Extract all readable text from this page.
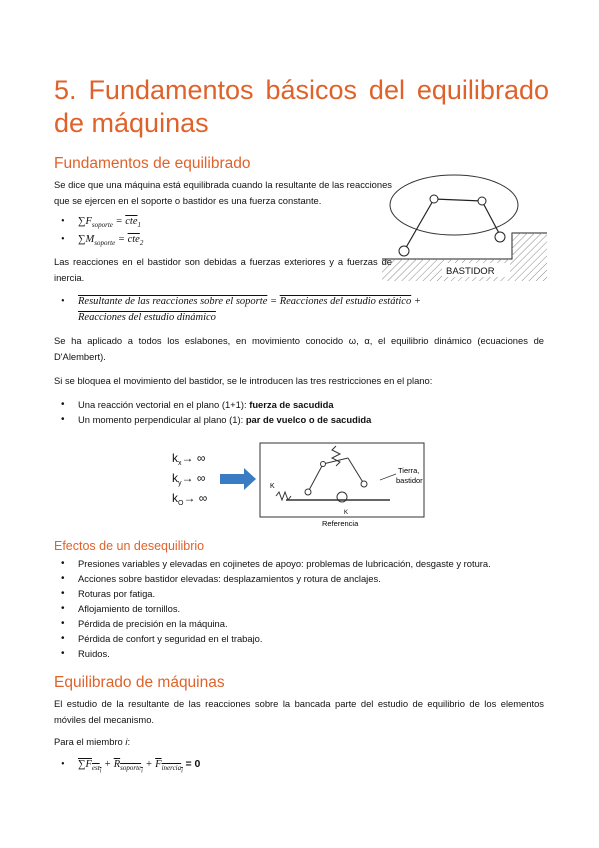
5. Fundamentos básicos del equilibrado de máquinas
Fundamentos de equilibrado
Se dice que una máquina está equilibrada cuando la resultante de las reacciones que se ejercen en el soporte o bastidor es una fuerza constante.
• $\sum F_{soporte} = \overline{cte}_1$
• $\sum M_{soporte} = \overline{cte}_2$
BASTIDOR
Las reacciones en el bastidor son debidas a fuerzas exteriores y a fuerzas de inercia.
• Resultante de las reacciones sobre el soporte = Reacciones del estudio estático +
Reacciones del estudio dinámico
Se ha aplicado a todos los eslabones, en movimiento conocido ω, α, el equilibrio dinámico (ecuaciones de D'Alembert).
Si se bloquea el movimiento del bastidor, se le introducen las tres restricciones en el plano:
• Una reacción vectorial en el plano (1+1): fuerza de sacudida
• Un momento perpendicular al plano (1): par de vuelco o de sacudida
$k_x\to$ ∞
$k_y\to$ ∞
$k_O\to$ ∞
K
K
Tierra,
bastidor
Referencia
Efectos de un desequilibrio
• Presiones variables y elevadas en cojinetes de apoyo: problemas de lubricación, desgaste y rotura.
• Acciones sobre bastidor elevadas: desplazamientos y rotura de anclajes.
• Roturas por fatiga.
• Aflojamiento de tornillos.
• Pérdida de precisión en la máquina.
• Pérdida de confort y seguridad en el trabajo.
• Ruidos.
Equilibrado de máquinas
El estudio de la resultante de las reacciones sobre la bancada parte del estudio de equilibrio de los elementos móviles del mecanismo.
Para el miembro i:
• $\sum F_{est_i} + R_{soporte_i} + F_{inercia_i} = 0$
